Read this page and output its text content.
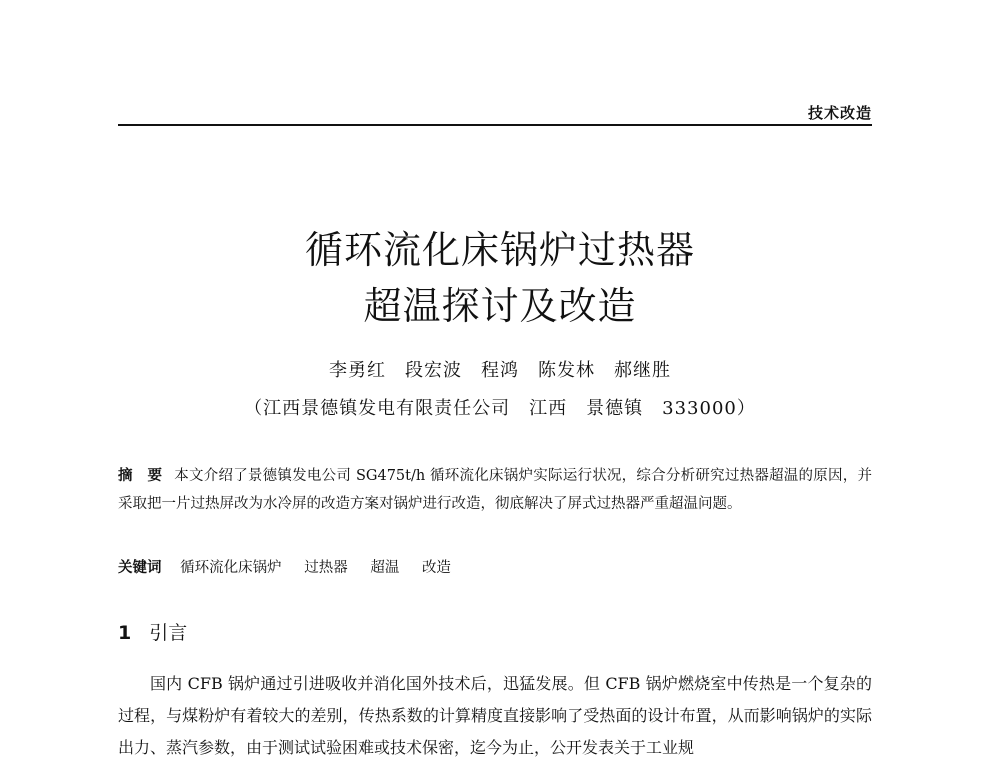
技术改造
循环流化床锅炉过热器
超温探讨及改造
李勇红　段宏波　程鸿　陈发林　郝继胜
（江西景德镇发电有限责任公司　江西　景德镇　333000）
摘　要 本文介绍了景德镇发电公司 SG475t/h 循环流化床锅炉实际运行状况，综合分析研究过热器超温的原因，并采取把一片过热屏改为水冷屏的改造方案对锅炉进行改造，彻底解决了屏式过热器严重超温问题。
关键词 循环流化床锅炉 过热器 超温 改造
1 引言
国内 CFB 锅炉通过引进吸收并消化国外技术后，迅猛发展。但 CFB 锅炉燃烧室中传热是一个复杂的过程，与煤粉炉有着较大的差别，传热系数的计算精度直接影响了受热面的设计布置，从而影响锅炉的实际出力、蒸汽参数，由于测试试验困难或技术保密，迄今为止，公开发表关于工业规
